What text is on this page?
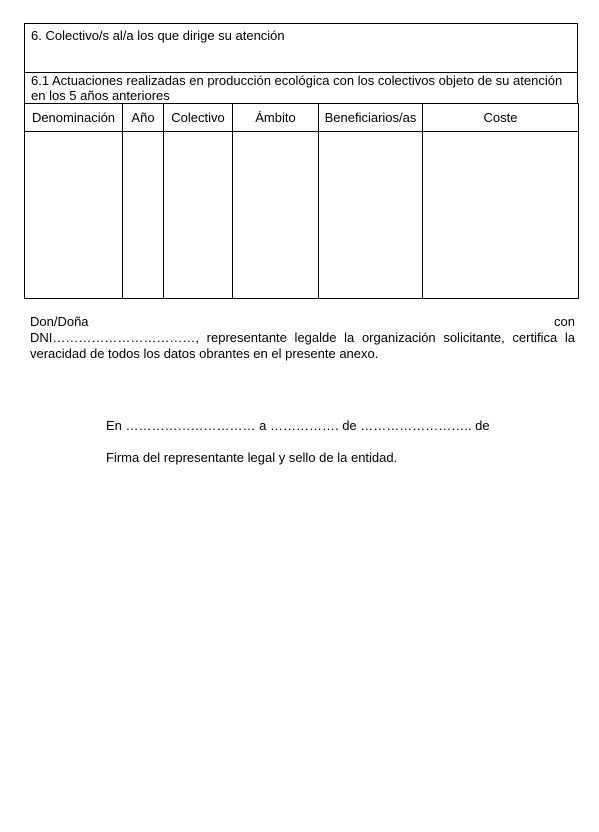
6. Colectivo/s al/a los que dirige su atención
6.1 Actuaciones realizadas en producción ecológica con los colectivos objeto de su atención en los 5 años anteriores
Denominación	Año	Colectivo	Ámbito	Beneficiarios/as	Coste

Don/Doña	con
DNI……………………………, representante legalde la organización solicitante, certifica la
veracidad de todos los datos obrantes en el presente anexo.
En ………………………… a ……………. de …………………….. de
Firma del representante legal y sello de la entidad.
